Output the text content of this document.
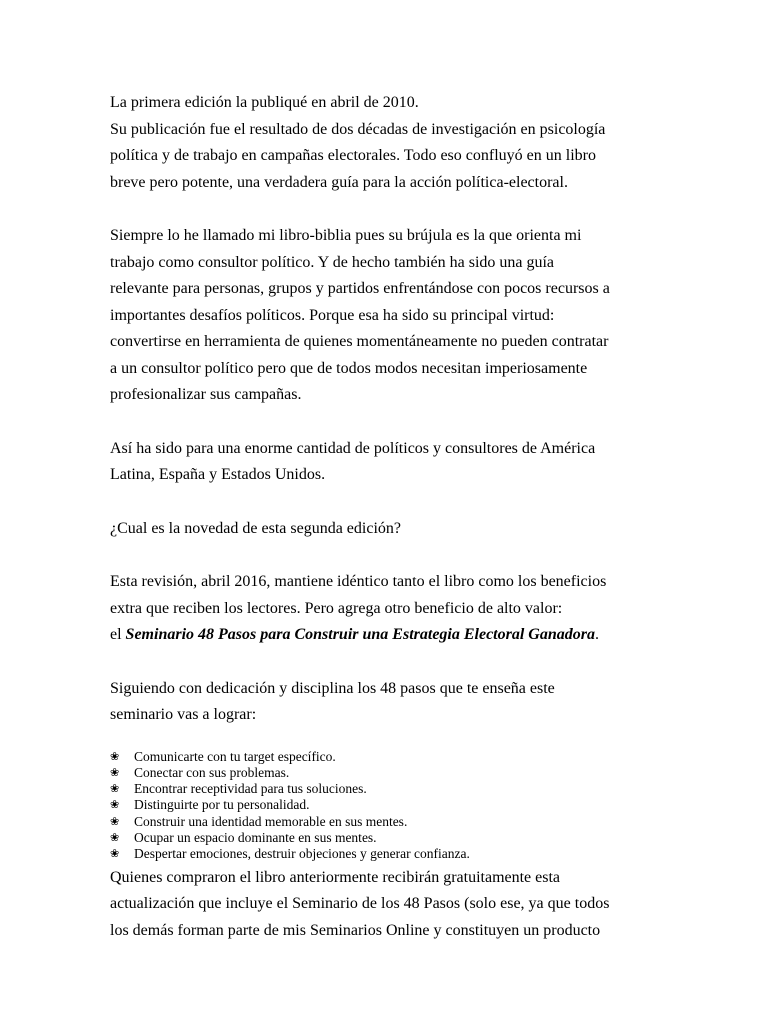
La primera edición la publiqué en abril de 2010.
Su publicación fue el resultado de dos décadas de investigación en psicología
política y de trabajo en campañas electorales. Todo eso confluyó en un libro
breve pero potente, una verdadera guía para la acción política-electoral.

Siempre lo he llamado mi libro-biblia pues su brújula es la que orienta mi
trabajo como consultor político. Y de hecho también ha sido una guía
relevante para personas, grupos y partidos enfrentándose con pocos recursos a
importantes desafíos políticos. Porque esa ha sido su principal virtud:
convertirse en herramienta de quienes momentáneamente no pueden contratar
a un consultor político pero que de todos modos necesitan imperiosamente
profesionalizar sus campañas.

Así ha sido para una enorme cantidad de políticos y consultores de América
Latina, España y Estados Unidos.

¿Cual es la novedad de esta segunda edición?

Esta revisión, abril 2016, mantiene idéntico tanto el libro como los beneficios
extra que reciben los lectores. Pero agrega otro beneficio de alto valor:
el Seminario 48 Pasos para Construir una Estrategia Electoral Ganadora.

Siguiendo con dedicación y disciplina los 48 pasos que te enseña este
seminario vas a lograr:

❀ Comunicarte con tu target específico.
❀ Conectar con sus problemas.
❀ Encontrar receptividad para tus soluciones.
❀ Distinguirte por tu personalidad.
❀ Construir una identidad memorable en sus mentes.
❀ Ocupar un espacio dominante en sus mentes.
❀ Despertar emociones, destruir objeciones y generar confianza.

Quienes compraron el libro anteriormente recibirán gratuitamente esta
actualización que incluye el Seminario de los 48 Pasos (solo ese, ya que todos
los demás forman parte de mis Seminarios Online y constituyen un producto
